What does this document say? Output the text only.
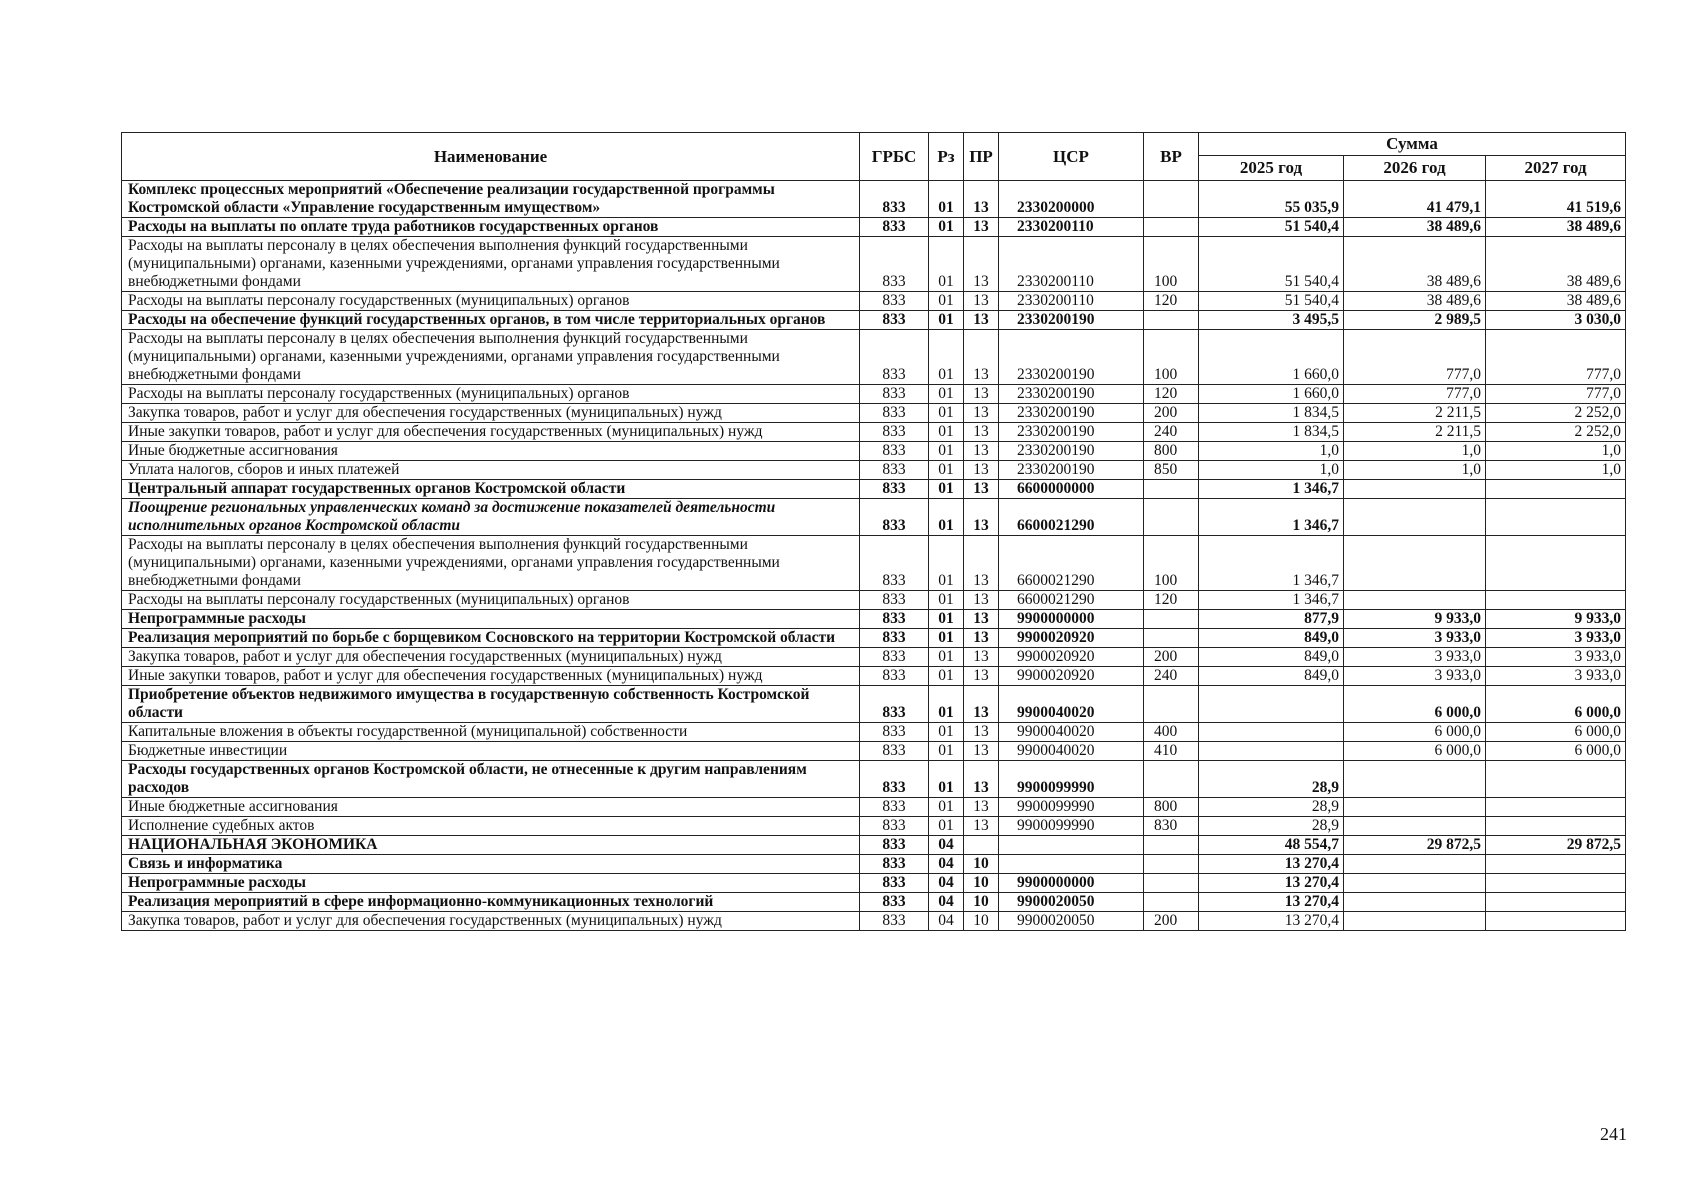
Наименование	ГРБС	Рз	ПР	ЦСР	ВР	Сумма		
						2025 год	2026 год	2027 год
Комплекс процессных мероприятий «Обеспечение реализации государственной программы Костромской области «Управление государственным имуществом»	833	01	13	2330200000		55 035,9	41 479,1	41 519,6
Расходы на выплаты по оплате труда работников государственных органов	833	01	13	2330200110		51 540,4	38 489,6	38 489,6
Расходы на выплаты персоналу в целях обеспечения выполнения функций государственными (муниципальными) органами, казенными учреждениями, органами управления государственными внебюджетными фондами	833	01	13	2330200110	100	51 540,4	38 489,6	38 489,6
Расходы на выплаты персоналу государственных (муниципальных) органов	833	01	13	2330200110	120	51 540,4	38 489,6	38 489,6
Расходы на обеспечение функций государственных органов, в том числе территориальных органов	833	01	13	2330200190		3 495,5	2 989,5	3 030,0
Расходы на выплаты персоналу в целях обеспечения выполнения функций государственными (муниципальными) органами, казенными учреждениями, органами управления государственными внебюджетными фондами	833	01	13	2330200190	100	1 660,0	777,0	777,0
Расходы на выплаты персоналу государственных (муниципальных) органов	833	01	13	2330200190	120	1 660,0	777,0	777,0
Закупка товаров, работ и услуг для обеспечения государственных (муниципальных) нужд	833	01	13	2330200190	200	1 834,5	2 211,5	2 252,0
Иные закупки товаров, работ и услуг для обеспечения государственных (муниципальных) нужд	833	01	13	2330200190	240	1 834,5	2 211,5	2 252,0
Иные бюджетные ассигнования	833	01	13	2330200190	800	1,0	1,0	1,0
Уплата налогов, сборов и иных платежей	833	01	13	2330200190	850	1,0	1,0	1,0
Центральный аппарат государственных органов Костромской области	833	01	13	6600000000		1 346,7		
Поощрение региональных управленческих команд за достижение показателей деятельности исполнительных органов Костромской области	833	01	13	6600021290		1 346,7		
Расходы на выплаты персоналу в целях обеспечения выполнения функций государственными (муниципальными) органами, казенными учреждениями, органами управления государственными внебюджетными фондами	833	01	13	6600021290	100	1 346,7		
Расходы на выплаты персоналу государственных (муниципальных) органов	833	01	13	6600021290	120	1 346,7		
Непрограммные расходы	833	01	13	9900000000		877,9	9 933,0	9 933,0
Реализация мероприятий по борьбе с борщевиком Сосновского на территории Костромской области	833	01	13	9900020920		849,0	3 933,0	3 933,0
Закупка товаров, работ и услуг для обеспечения государственных (муниципальных) нужд	833	01	13	9900020920	200	849,0	3 933,0	3 933,0
Иные закупки товаров, работ и услуг для обеспечения государственных (муниципальных) нужд	833	01	13	9900020920	240	849,0	3 933,0	3 933,0
Приобретение объектов недвижимого имущества в государственную собственность Костромской области	833	01	13	9900040020			6 000,0	6 000,0
Капитальные вложения в объекты государственной (муниципальной) собственности	833	01	13	9900040020	400		6 000,0	6 000,0
Бюджетные инвестиции	833	01	13	9900040020	410		6 000,0	6 000,0
Расходы государственных органов Костромской области, не отнесенные к другим направлениям расходов	833	01	13	9900099990		28,9		
Иные бюджетные ассигнования	833	01	13	9900099990	800	28,9		
Исполнение судебных актов	833	01	13	9900099990	830	28,9		
НАЦИОНАЛЬНАЯ ЭКОНОМИКА	833	04				48 554,7	29 872,5	29 872,5
Связь и информатика	833	04	10			13 270,4		
Непрограммные расходы	833	04	10	9900000000		13 270,4		
Реализация мероприятий в сфере информационно-коммуникационных технологий	833	04	10	9900020050		13 270,4		
Закупка товаров, работ и услуг для обеспечения государственных (муниципальных) нужд	833	04	10	9900020050	200	13 270,4		
241
